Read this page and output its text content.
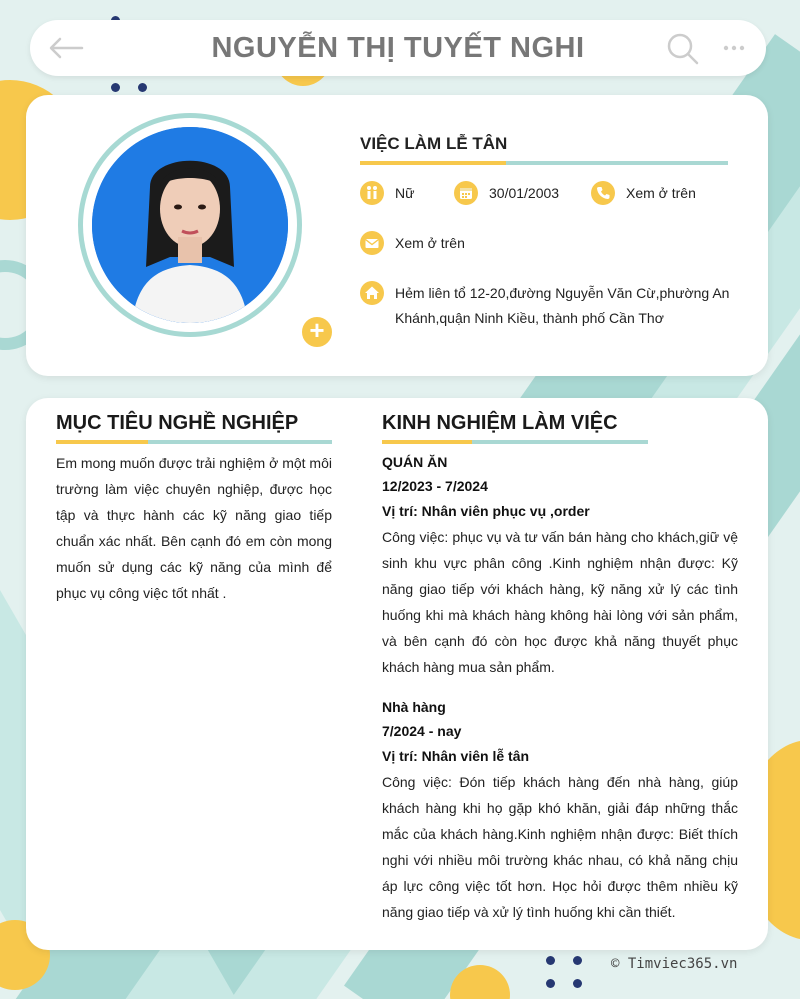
NGUYỄN THỊ TUYẾT NGHI
+
VIỆC LÀM LỄ TÂN
Nữ	30/01/2003	Xem ở trên
Xem ở trên
Hẻm liên tổ 12-20,đường Nguyễn Văn Cừ,phường An Khánh,quận Ninh Kiều, thành phố Cần Thơ
MỤC TIÊU NGHỀ NGHIỆP
Em mong muốn được trải nghiệm ở một môi trường làm việc chuyên nghiệp, được học tập và thực hành các kỹ năng giao tiếp chuẩn xác nhất. Bên cạnh đó em còn mong muốn sử dụng các kỹ năng của mình để phục vụ công việc tốt nhất .
KINH NGHIỆM LÀM VIỆC
QUÁN ĂN
12/2023 - 7/2024
Vị trí: Nhân viên phục vụ ,order
Công việc: phục vụ và tư vấn bán hàng cho khách,giữ vệ sinh khu vực phân công .Kinh nghiệm nhận được: Kỹ năng giao tiếp với khách hàng, kỹ năng xử lý các tình huống khi mà khách hàng không hài lòng với sản phẩm, và bên cạnh đó còn học được khả năng thuyết phục khách hàng mua sản phẩm.
Nhà hàng
7/2024 - nay
Vị trí: Nhân viên lễ tân
Công việc: Đón tiếp khách hàng đến nhà hàng, giúp khách hàng khi họ gặp khó khăn, giải đáp những thắc mắc của khách hàng.Kinh nghiệm nhận được: Biết thích nghi với nhiều môi trường khác nhau, có khả năng chịu áp lực công việc tốt hơn. Học hỏi được thêm nhiều kỹ năng giao tiếp và xử lý tình huống khi cần thiết.
© Timviec365.vn
